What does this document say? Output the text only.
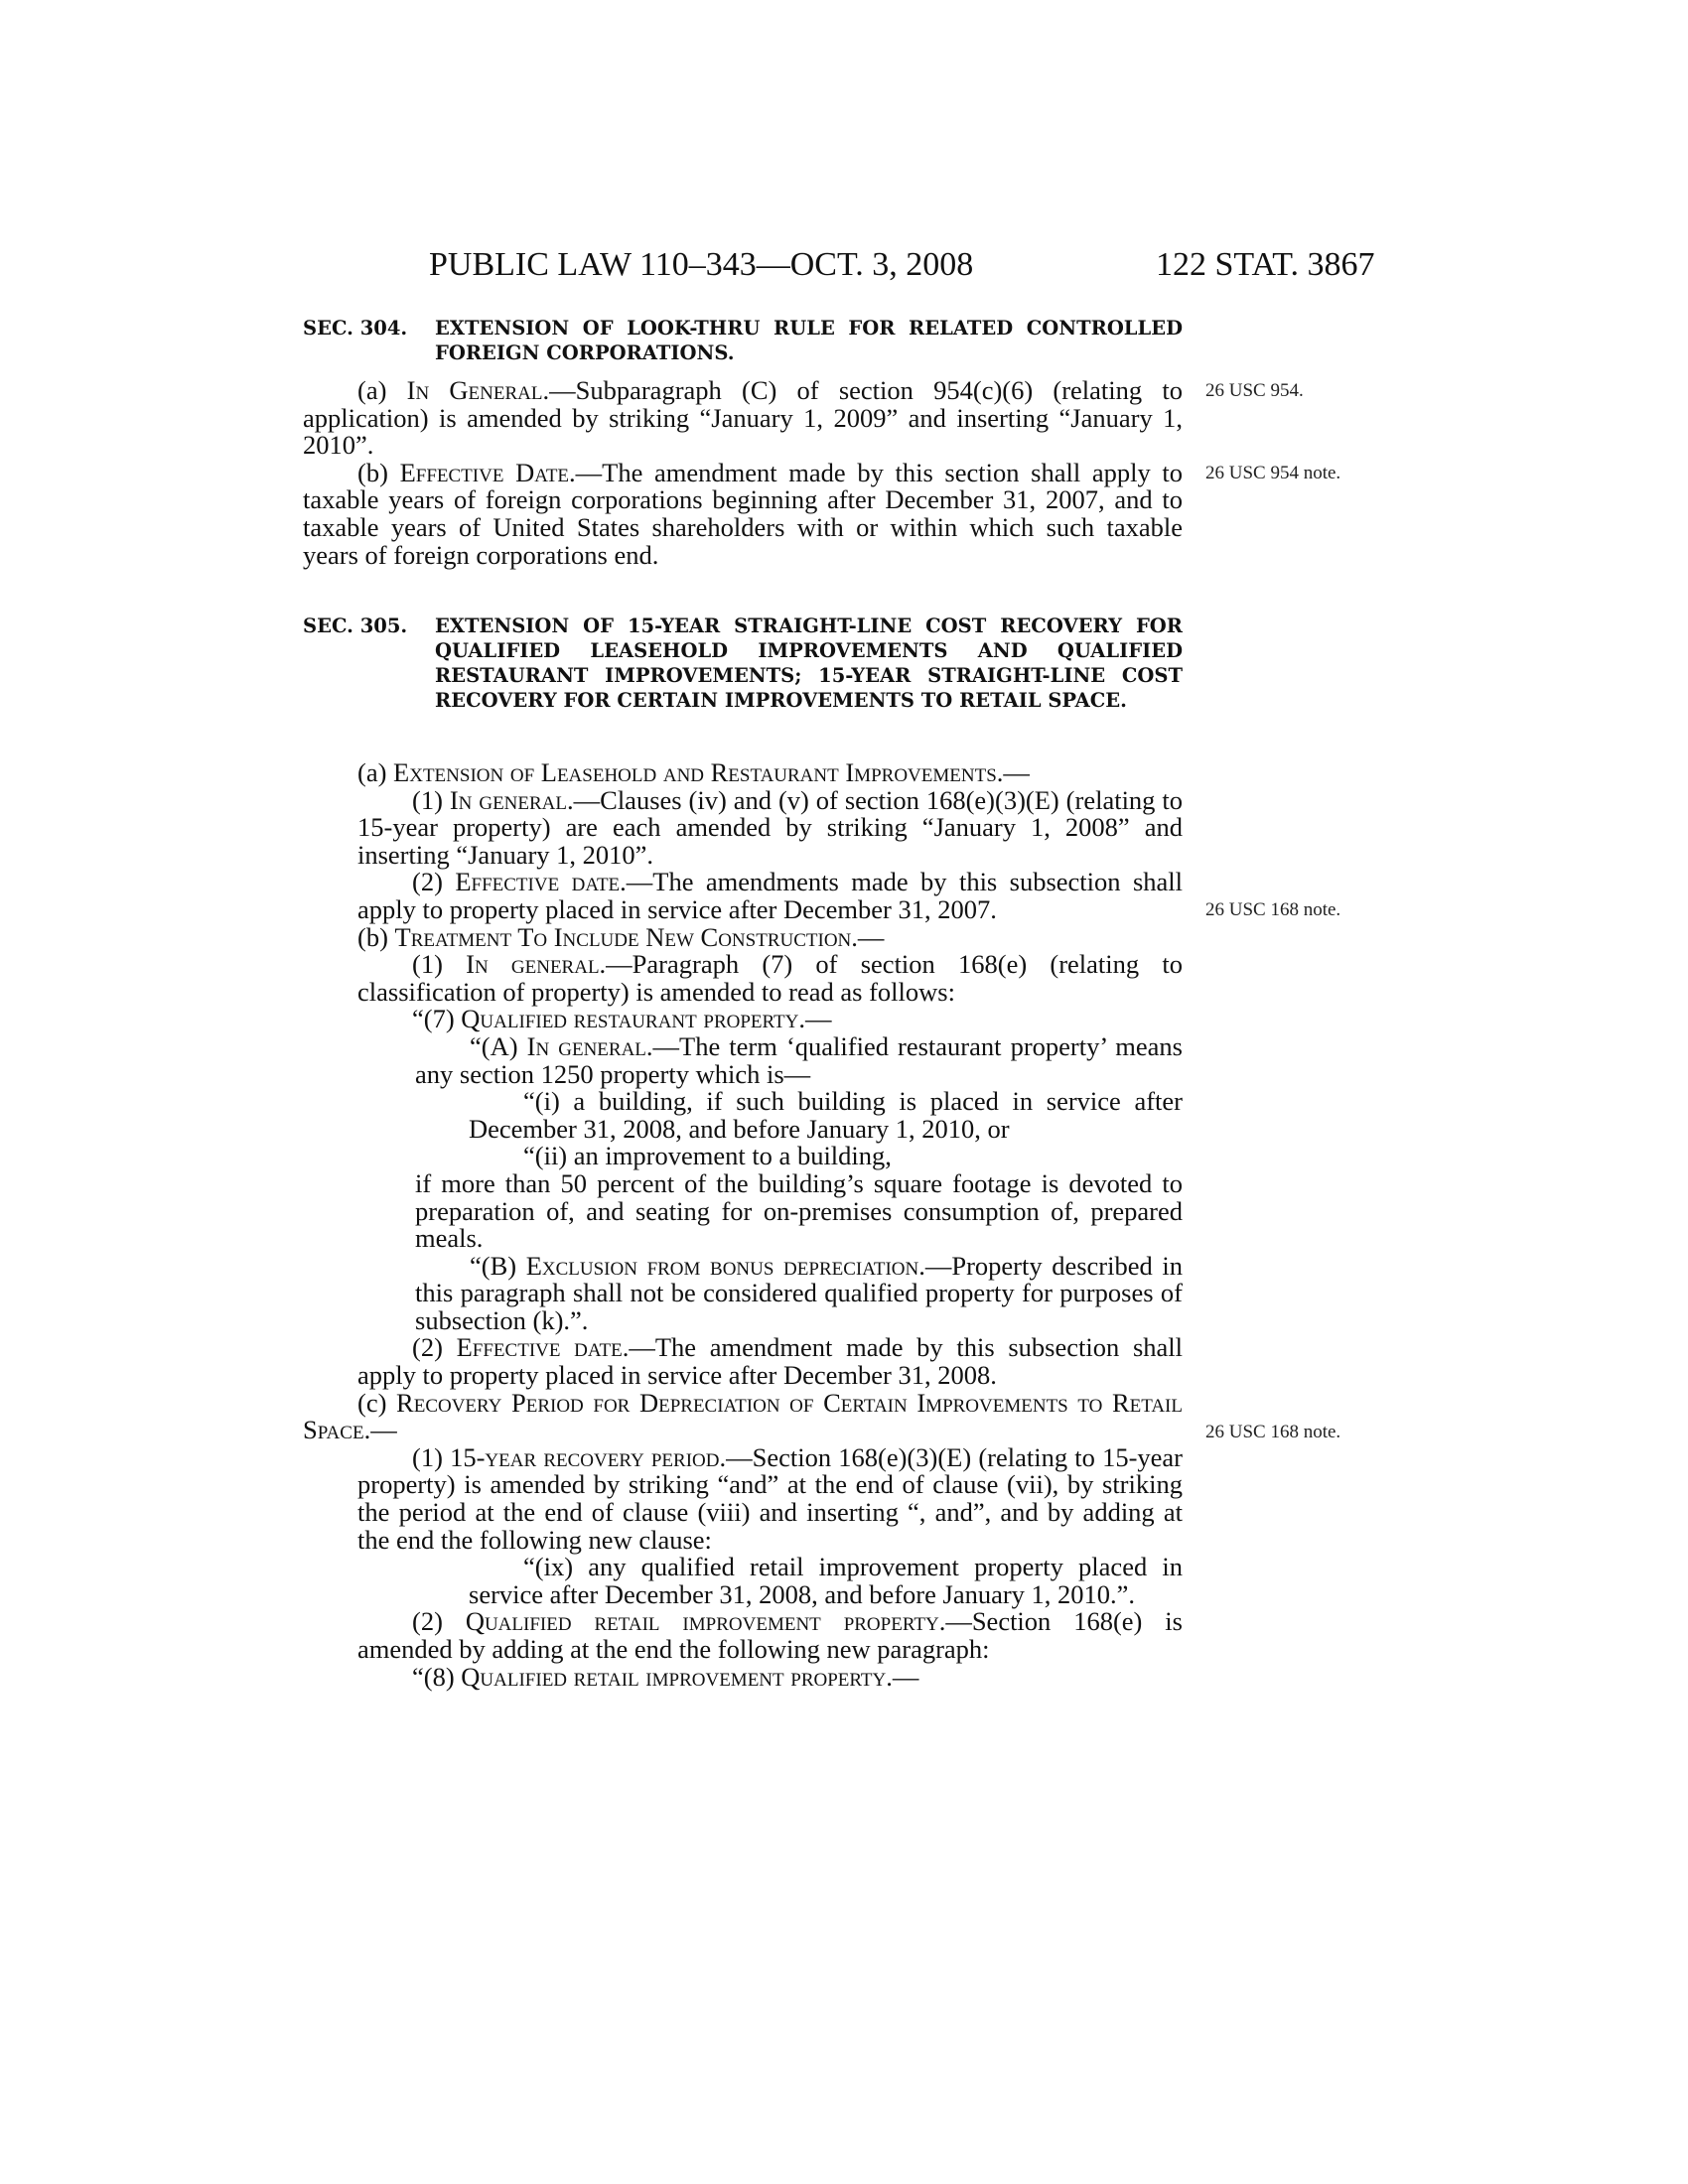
PUBLIC LAW 110–343—OCT. 3, 2008	122 STAT. 3867
SEC. 304.	EXTENSION OF LOOK-THRU RULE FOR RELATED CONTROLLED FOREIGN CORPORATIONS.

(a) In General.—Subparagraph (C) of section 954(c)(6) (relating to application) is amended by striking “January 1, 2009” and inserting “January 1, 2010”.

(b) Effective Date.—The amendment made by this section shall apply to taxable years of foreign corporations beginning after December 31, 2007, and to taxable years of United States shareholders with or within which such taxable years of foreign corporations end.

SEC. 305.	EXTENSION OF 15-YEAR STRAIGHT-LINE COST RECOVERY FOR QUALIFIED LEASEHOLD IMPROVEMENTS AND QUALIFIED RESTAURANT IMPROVEMENTS; 15-YEAR STRAIGHT-LINE COST RECOVERY FOR CERTAIN IMPROVEMENTS TO RETAIL SPACE.

(a) Extension of Leasehold and Restaurant Improvements.—

(1) In general.—Clauses (iv) and (v) of section 168(e)(3)(E) (relating to 15-year property) are each amended by striking “January 1, 2008” and inserting “January 1, 2010”.

(2) Effective date.—The amendments made by this subsection shall apply to property placed in service after December 31, 2007.

(b) Treatment To Include New Construction.—

(1) In general.—Paragraph (7) of section 168(e) (relating to classification of property) is amended to read as follows:

“(7) Qualified restaurant property.—

“(A) In general.—The term ‘qualified restaurant property’ means any section 1250 property which is—

“(i) a building, if such building is placed in service after December 31, 2008, and before January 1, 2010, or

“(ii) an improvement to a building,

if more than 50 percent of the building’s square footage is devoted to preparation of, and seating for on-premises consumption of, prepared meals.

“(B) Exclusion from bonus depreciation.—Property described in this paragraph shall not be considered qualified property for purposes of subsection (k).”.

(2) Effective date.—The amendment made by this subsection shall apply to property placed in service after December 31, 2008.

(c) Recovery Period for Depreciation of Certain Improvements to Retail Space.—

(1) 15-year recovery period.—Section 168(e)(3)(E) (relating to 15-year property) is amended by striking “and” at the end of clause (vii), by striking the period at the end of clause (viii) and inserting “, and”, and by adding at the end the following new clause:

“(ix) any qualified retail improvement property placed in service after December 31, 2008, and before January 1, 2010.”.

(2) Qualified retail improvement property.—Section 168(e) is amended by adding at the end the following new paragraph:

“(8) Qualified retail improvement property.—

26 USC 954.
26 USC 954 note.
26 USC 168 note.
26 USC 168 note.
